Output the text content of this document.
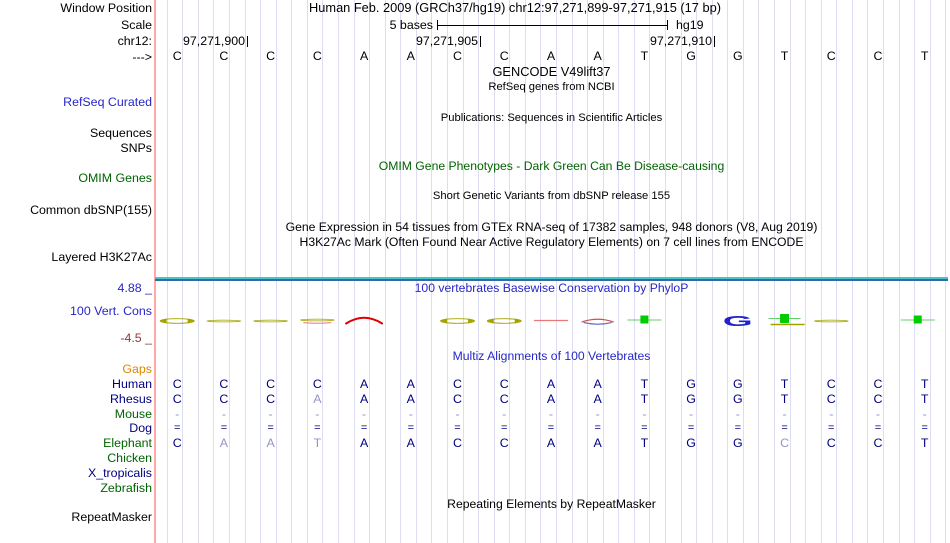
Window Position	Human Feb. 2009 (GRCh37/hg19) chr12:97,271,899-97,271,915 (17 bp)
Scale	5 bases	hg19
chr12:	97,271,900	97,271,905	97,271,910
--->	C	C	C	C	A	A	C	C	A	A	T	G	G	T	C	C	T
GENCODE V49lift37
RefSeq genes from NCBI
RefSeq Curated
Sequences
SNPs
Publications: Sequences in Scientific Articles
OMIM Genes
OMIM Gene Phenotypes - Dark Green Can Be Disease-causing
Common dbSNP(155)
Short Genetic Variants from dbSNP release 155
Gene Expression in 54 tissues from GTEx RNA-seq of 17382 samples, 948 donors (V8, Aug 2019)
H3K27Ac Mark (Often Found Near Active Regulatory Elements) on 7 cell lines from ENCODE
Layered H3K27Ac
4.88 _	100 vertebrates Basewise Conservation by PhyloP
100 Vert. Cons
-4.5 _
G
Multiz Alignments of 100 Vertebrates
Gaps
Human	C	C	C	C	A	A	C	C	A	A	T	G	G	T	C	C	T
Rhesus	C	C	C	A	A	A	C	C	A	A	T	G	G	T	C	C	T
Mouse	-	-	-	-	-	-	-	-	-	-	-	-	-	-	-	-	-
Dog	=	=	=	=	=	=	=	=	=	=	=	=	=	=	=	=	=
Elephant	C	A	A	T	A	A	C	C	A	A	T	G	G	C	C	C	T
Chicken
X_tropicalis
Zebrafish
Repeating Elements by RepeatMasker
RepeatMasker
